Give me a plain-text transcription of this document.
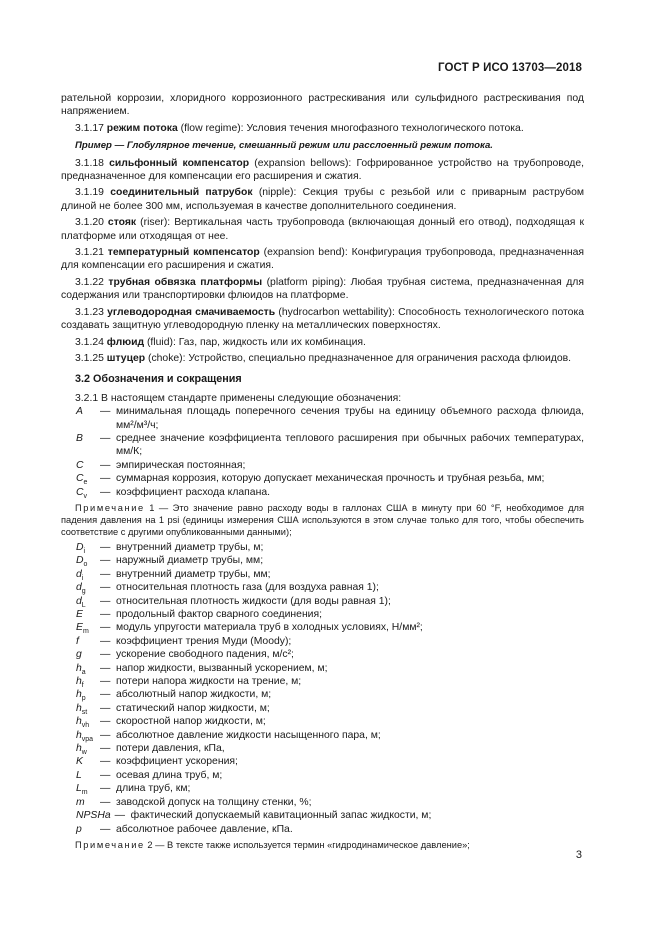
ГОСТ Р ИСО 13703—2018

рательной коррозии, хлоридного коррозионного растрескивания или сульфидного растрескивания под напряжением.

3.1.17 режим потока (flow regime): Условия течения многофазного технологического потока.

Пример — Глобулярное течение, смешанный режим или расслоенный режим потока.

3.1.18 сильфонный компенсатор (expansion bellows): Гофрированное устройство на трубопроводе, предназначенное для компенсации его расширения и сжатия.

3.1.19 соединительный патрубок (nipple): Секция трубы с резьбой или с приварным раструбом длиной не более 300 мм, используемая в качестве дополнительного соединения.

3.1.20 стояк (riser): Вертикальная часть трубопровода (включающая донный его отвод), подходящая к платформе или отходящая от нее.

3.1.21 температурный компенсатор (expansion bend): Конфигурация трубопровода, предназначенная для компенсации его расширения и сжатия.

3.1.22 трубная обвязка платформы (platform piping): Любая трубная система, предназначенная для содержания или транспортировки флюидов на платформе.

3.1.23 углеводородная смачиваемость (hydrocarbon wettability): Способность технологического потока создавать защитную углеводородную пленку на металлических поверхностях.

3.1.24 флюид (fluid): Газ, пар, жидкость или их комбинация.

3.1.25 штуцер (choke): Устройство, специально предназначенное для ограничения расхода флюидов.

3.2 Обозначения и сокращения

3.2.1 В настоящем стандарте применены следующие обозначения:

A	— минимальная площадь поперечного сечения трубы на единицу объемного расхода флюида, мм²/м³/ч;
B	— среднее значение коэффициента теплового расширения при обычных рабочих температурах, мм/К;
C	— эмпирическая постоянная;
$C_e$	— суммарная коррозия, которую допускает механическая прочность и трубная резьба, мм;
$C_v$	— коэффициент расхода клапана.

Примечание 1 — Это значение равно расходу воды в галлонах США в минуту при 60 °F, необходимое для падения давления на 1 psi (единицы измерения США используются в этом случае только для того, чтобы обеспечить соответствие с другими опубликованными данными);

$D_i$	— внутренний диаметр трубы, м;
$D_o$	— наружный диаметр трубы, мм;
$d_i$	— внутренний диаметр трубы, мм;
$d_g$	— относительная плотность газа (для воздуха равная 1);
$d_L$	— относительная плотность жидкости (для воды равная 1);
E	— продольный фактор сварного соединения;
$E_m$	— модуль упругости материала труб в холодных условиях, Н/мм²;
f	— коэффициент трения Муди (Moody);
g	— ускорение свободного падения, м/с²;
$h_a$	— напор жидкости, вызванный ускорением, м;
$h_f$	— потери напора жидкости на трение, м;
$h_p$	— абсолютный напор жидкости, м;
$h_{st}$	— статический напор жидкости, м;
$h_{vh}$	— скоростной напор жидкости, м;
$h_{vpa}$ — абсолютное давление жидкости насыщенного пара, м;
$h_w$	— потери давления, кПа,
K	— коэффициент ускорения;
L	— осевая длина труб, м;
$L_m$	— длина труб, км;
m	— заводской допуск на толщину стенки, %;
NPSHa — фактический допускаемый кавитационный запас жидкости, м;
p	— абсолютное рабочее давление, кПа.

Примечание 2 — В тексте также используется термин «гидродинамическое давление»;

3
